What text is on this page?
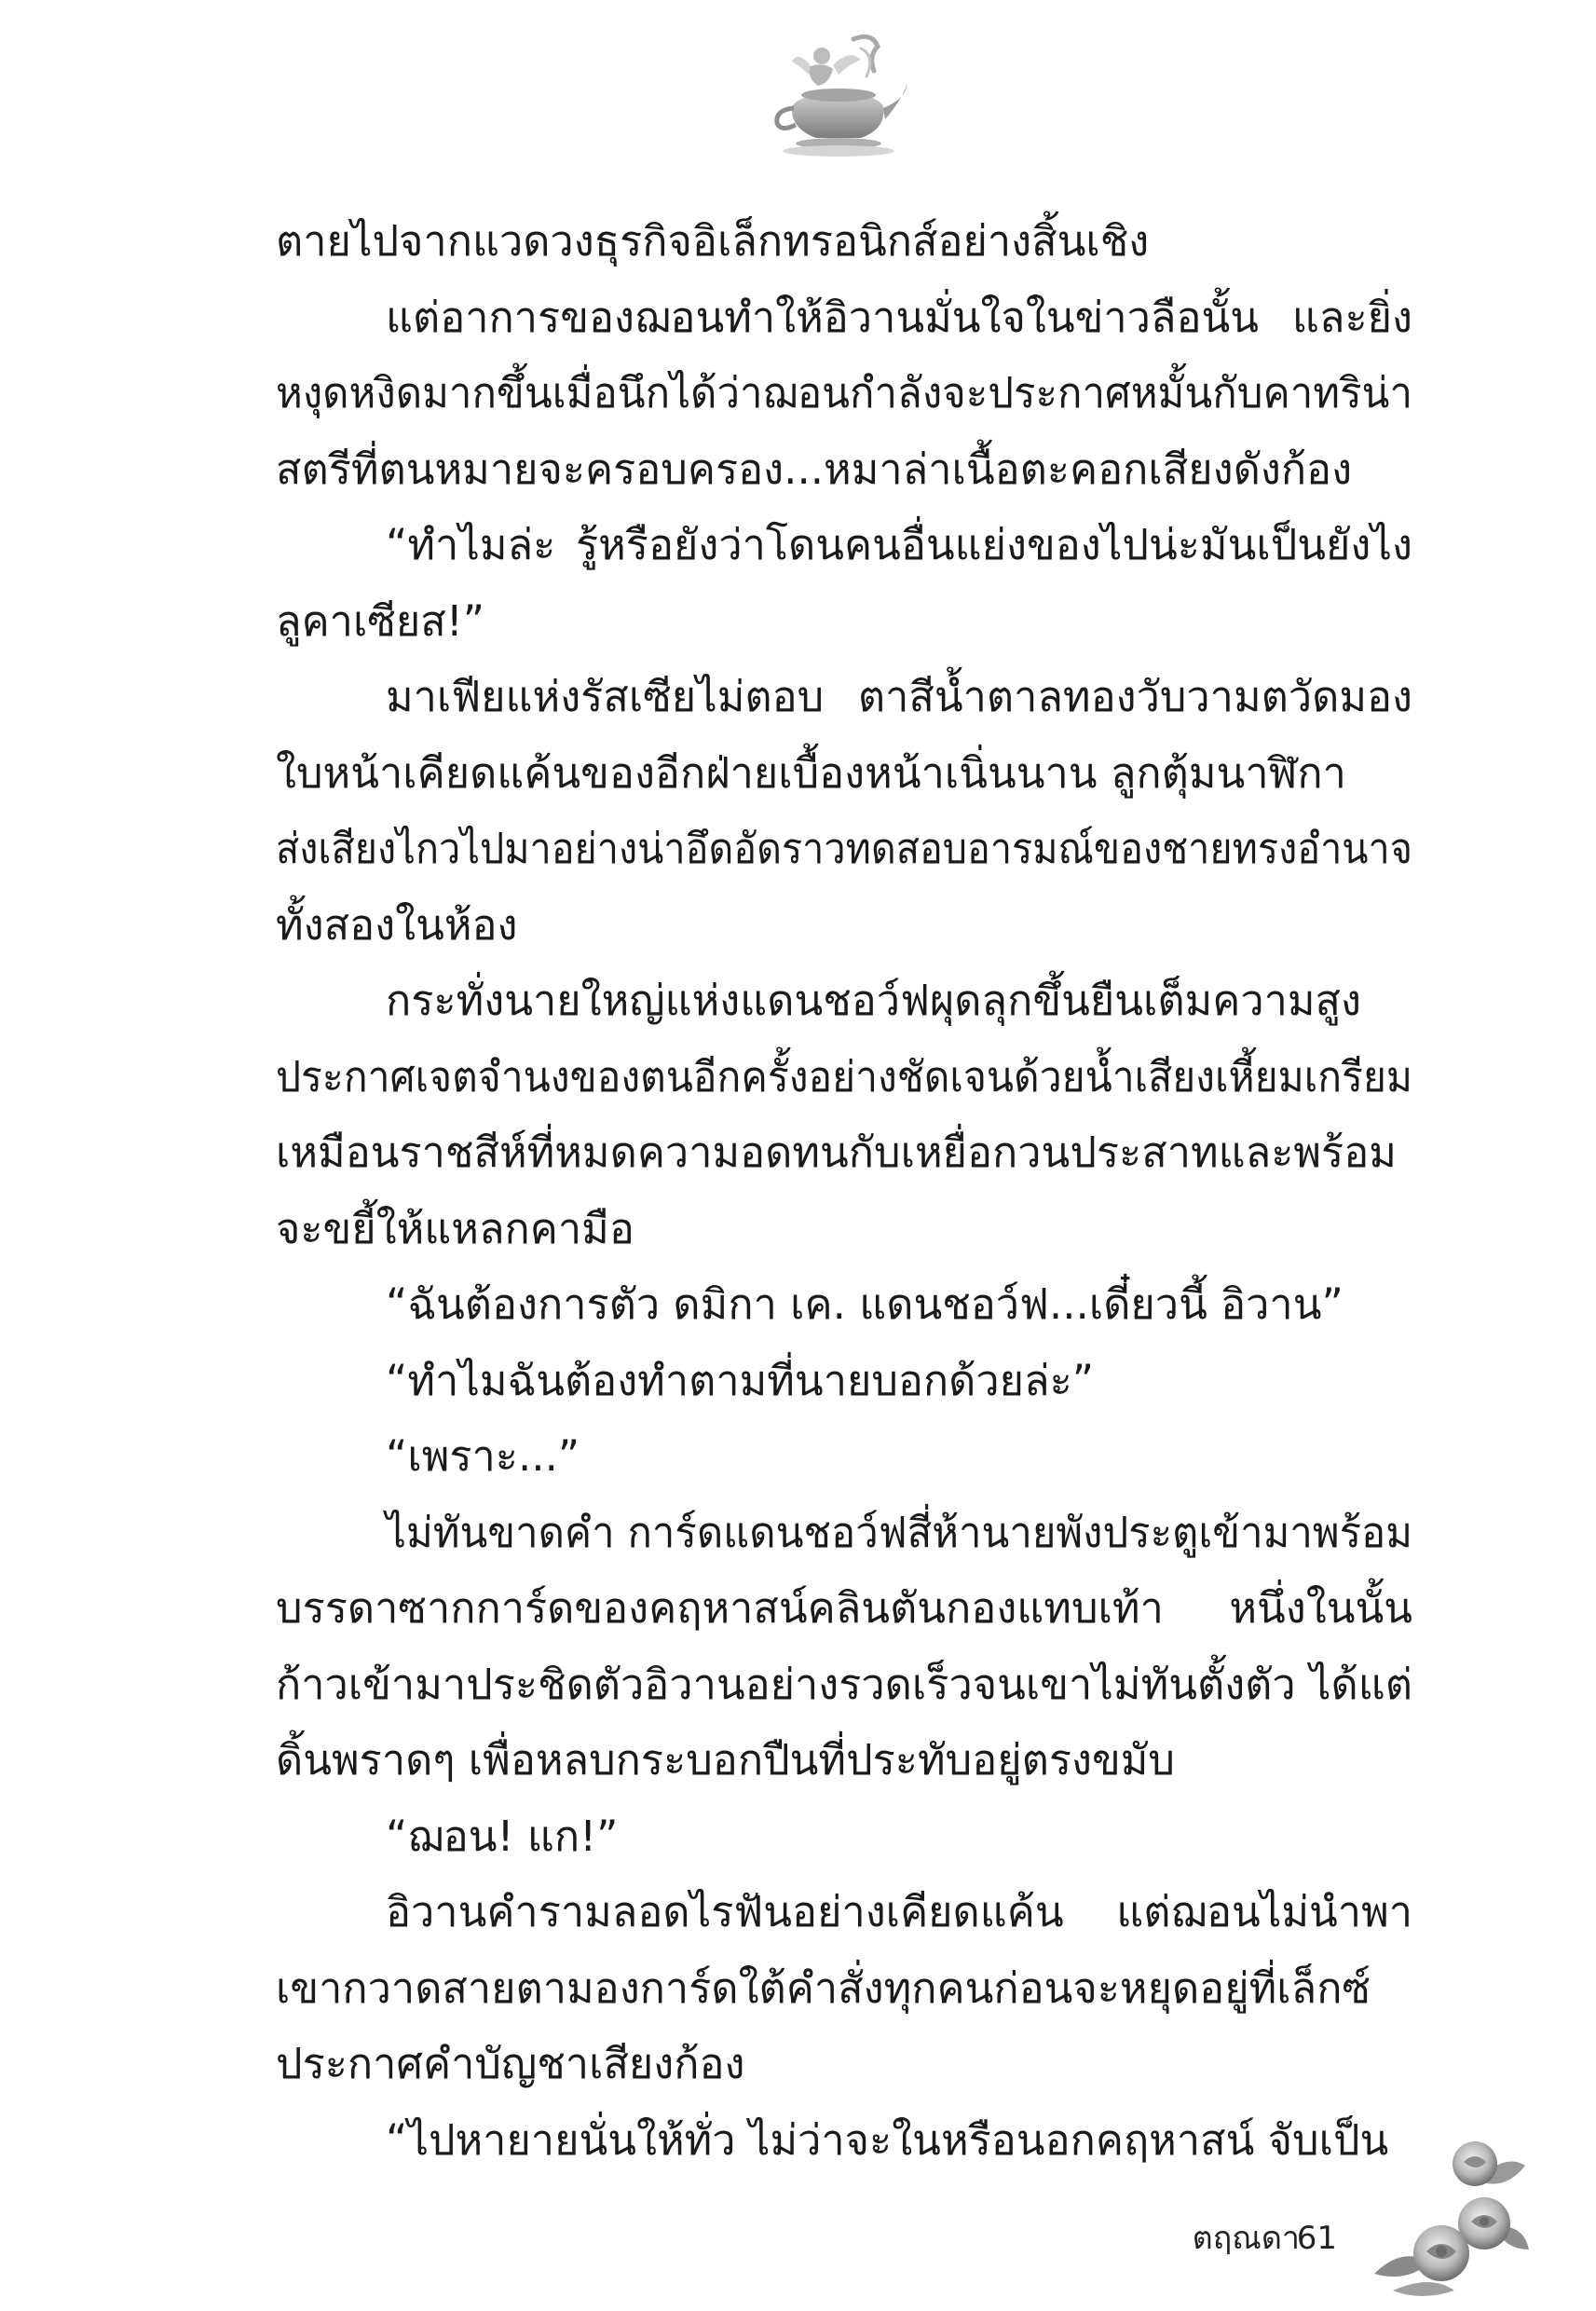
ตายไปจากแวดวงธุรกิจอิเล็กทรอนิกส์อย่างสิ้นเชิง
แต่อาการของฌอนทำให้อิวานมั่นใจในข่าวลือนั้น และยิ่ง
หงุดหงิดมากขึ้นเมื่อนึกได้ว่าฌอนกำลังจะประกาศหมั้นกับคาทริน่า
สตรีที่ตนหมายจะครอบครอง...หมาล่าเนื้อตะคอกเสียงดังก้อง
“ทำไมล่ะ รู้หรือยังว่าโดนคนอื่นแย่งของไปน่ะมันเป็นยังไง
ลูคาเซียส!”
มาเฟียแห่งรัสเซียไม่ตอบ ตาสีน้ำตาลทองวับวามตวัดมอง
ใบหน้าเคียดแค้นของอีกฝ่ายเบื้องหน้าเนิ่นนาน ลูกตุ้มนาฬิกา
ส่งเสียงไกวไปมาอย่างน่าอึดอัดราวทดสอบอารมณ์ของชายทรงอำนาจ
ทั้งสองในห้อง
กระทั่งนายใหญ่แห่งแดนชอว์ฟผุดลุกขึ้นยืนเต็มความสูง
ประกาศเจตจำนงของตนอีกครั้งอย่างชัดเจนด้วยน้ำเสียงเหี้ยมเกรียม
เหมือนราชสีห์ที่หมดความอดทนกับเหยื่อกวนประสาทและพร้อม
จะขยี้ให้แหลกคามือ
“ฉันต้องการตัว ดมิกา เค. แดนชอว์ฟ...เดี๋ยวนี้ อิวาน”
“ทำไมฉันต้องทำตามที่นายบอกด้วยล่ะ”
“เพราะ...”
ไม่ทันขาดคำ การ์ดแดนชอว์ฟสี่ห้านายพังประตูเข้ามาพร้อม
บรรดาซากการ์ดของคฤหาสน์คลินตันกองแทบเท้า หนึ่งในนั้น
ก้าวเข้ามาประชิดตัวอิวานอย่างรวดเร็วจนเขาไม่ทันตั้งตัว ได้แต่
ดิ้นพราดๆ เพื่อหลบกระบอกปืนที่ประทับอยู่ตรงขมับ
“ฌอน! แก!”
อิวานคำรามลอดไรฟันอย่างเคียดแค้น แต่ฌอนไม่นำพา
เขากวาดสายตามองการ์ดใต้คำสั่งทุกคนก่อนจะหยุดอยู่ที่เล็กซ์
ประกาศคำบัญชาเสียงก้อง
“ไปหายายนั่นให้ทั่ว ไม่ว่าจะในหรือนอกคฤหาสน์ จับเป็น
ตฤณดา
61
